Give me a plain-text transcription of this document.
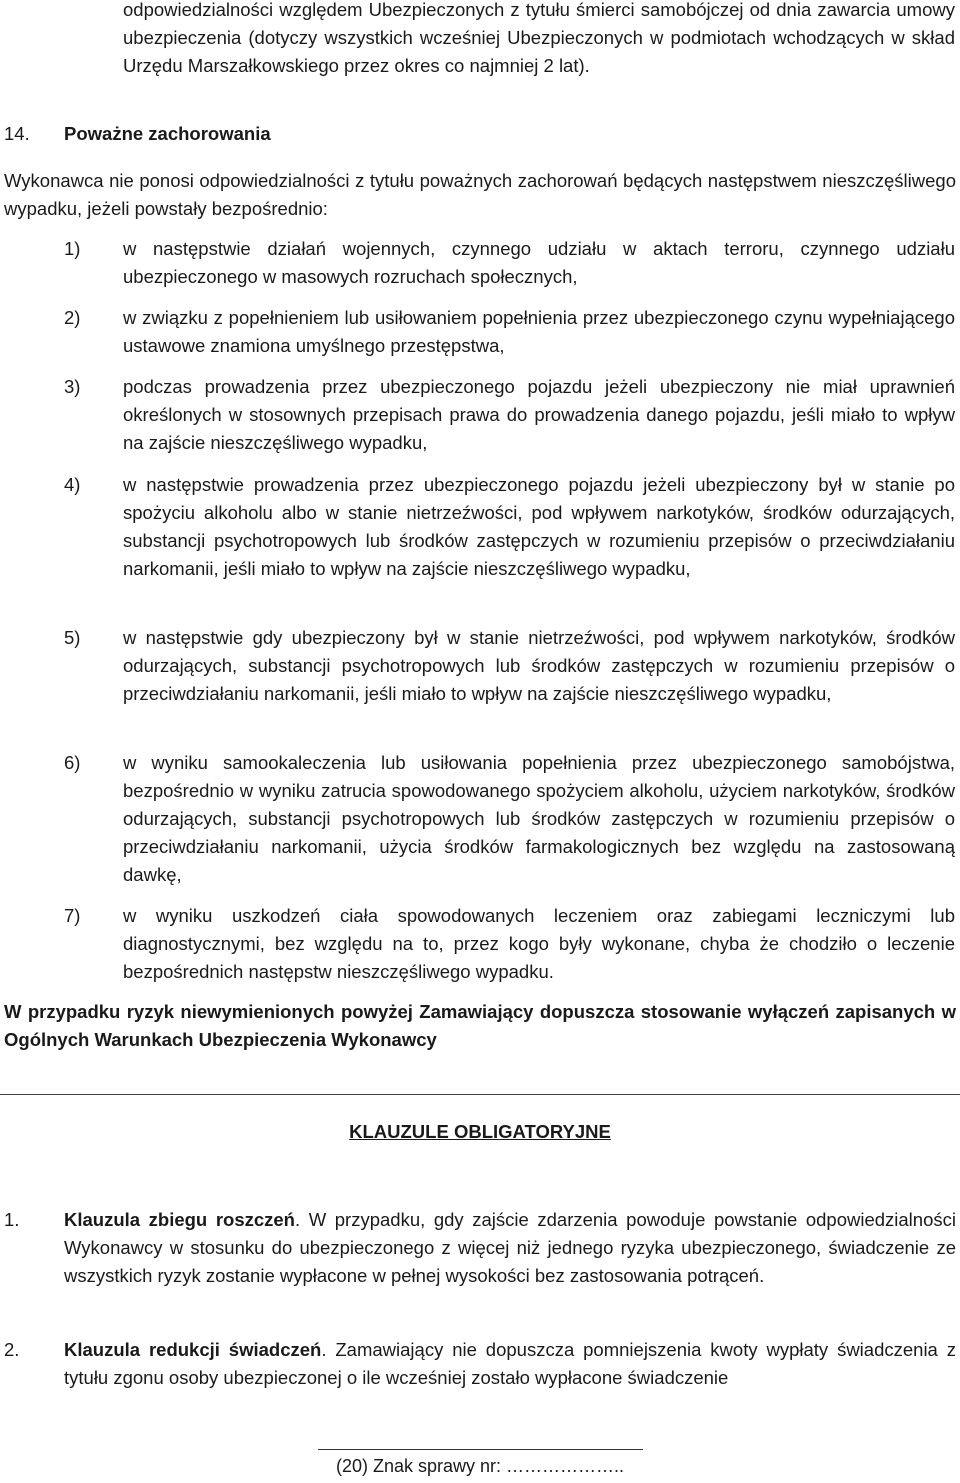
odpowiedzialności względem Ubezpieczonych z tytułu śmierci samobójczej od dnia zawarcia umowy ubezpieczenia (dotyczy wszystkich wcześniej Ubezpieczonych w podmiotach wchodzących w skład Urzędu Marszałkowskiego przez okres co najmniej 2 lat).
14. Poważne zachorowania
Wykonawca nie ponosi odpowiedzialności z tytułu poważnych zachorowań będących następstwem nieszczęśliwego wypadku, jeżeli powstały bezpośrednio:
1) w następstwie działań wojennych, czynnego udziału w aktach terroru, czynnego udziału ubezpieczonego w masowych rozruchach społecznych,
2) w związku z popełnieniem lub usiłowaniem popełnienia przez ubezpieczonego czynu wypełniającego ustawowe znamiona umyślnego przestępstwa,
3) podczas prowadzenia przez ubezpieczonego pojazdu jeżeli ubezpieczony nie miał uprawnień określonych w stosownych przepisach prawa do prowadzenia danego pojazdu, jeśli miało to wpływ na zajście nieszczęśliwego wypadku,
4) w następstwie prowadzenia przez ubezpieczonego pojazdu jeżeli ubezpieczony był w stanie po spożyciu alkoholu albo w stanie nietrzeźwości, pod wpływem narkotyków, środków odurzających, substancji psychotropowych lub środków zastępczych w rozumieniu przepisów o przeciwdziałaniu narkomanii, jeśli miało to wpływ na zajście nieszczęśliwego wypadku,
5) w następstwie gdy ubezpieczony był w stanie nietrzeźwości, pod wpływem narkotyków, środków odurzających, substancji psychotropowych lub środków zastępczych w rozumieniu przepisów o przeciwdziałaniu narkomanii, jeśli miało to wpływ na zajście nieszczęśliwego wypadku,
6) w wyniku samookaleczenia lub usiłowania popełnienia przez ubezpieczonego samobójstwa, bezpośrednio w wyniku zatrucia spowodowanego spożyciem alkoholu, użyciem narkotyków, środków odurzających, substancji psychotropowych lub środków zastępczych w rozumieniu przepisów o przeciwdziałaniu narkomanii, użycia środków farmakologicznych bez względu na zastosowaną dawkę,
7) w wyniku uszkodzeń ciała spowodowanych leczeniem oraz zabiegami leczniczymi lub diagnostycznymi, bez względu na to, przez kogo były wykonane, chyba że chodziło o leczenie bezpośrednich następstw nieszczęśliwego wypadku.
W przypadku ryzyk niewymienionych powyżej Zamawiający dopuszcza stosowanie wyłączeń zapisanych w Ogólnych Warunkach Ubezpieczenia Wykonawcy
KLAUZULE OBLIGATORYJNE
1. Klauzula zbiegu roszczeń. W przypadku, gdy zajście zdarzenia powoduje powstanie odpowiedzialności Wykonawcy w stosunku do ubezpieczonego z więcej niż jednego ryzyka ubezpieczonego, świadczenie ze wszystkich ryzyk zostanie wypłacone w pełnej wysokości bez zastosowania potrąceń.
2. Klauzula redukcji świadczeń. Zamawiający nie dopuszcza pomniejszenia kwoty wypłaty świadczenia z tytułu zgonu osoby ubezpieczonej o ile wcześniej zostało wypłacone świadczenie
(20) Znak sprawy nr: ………………..
